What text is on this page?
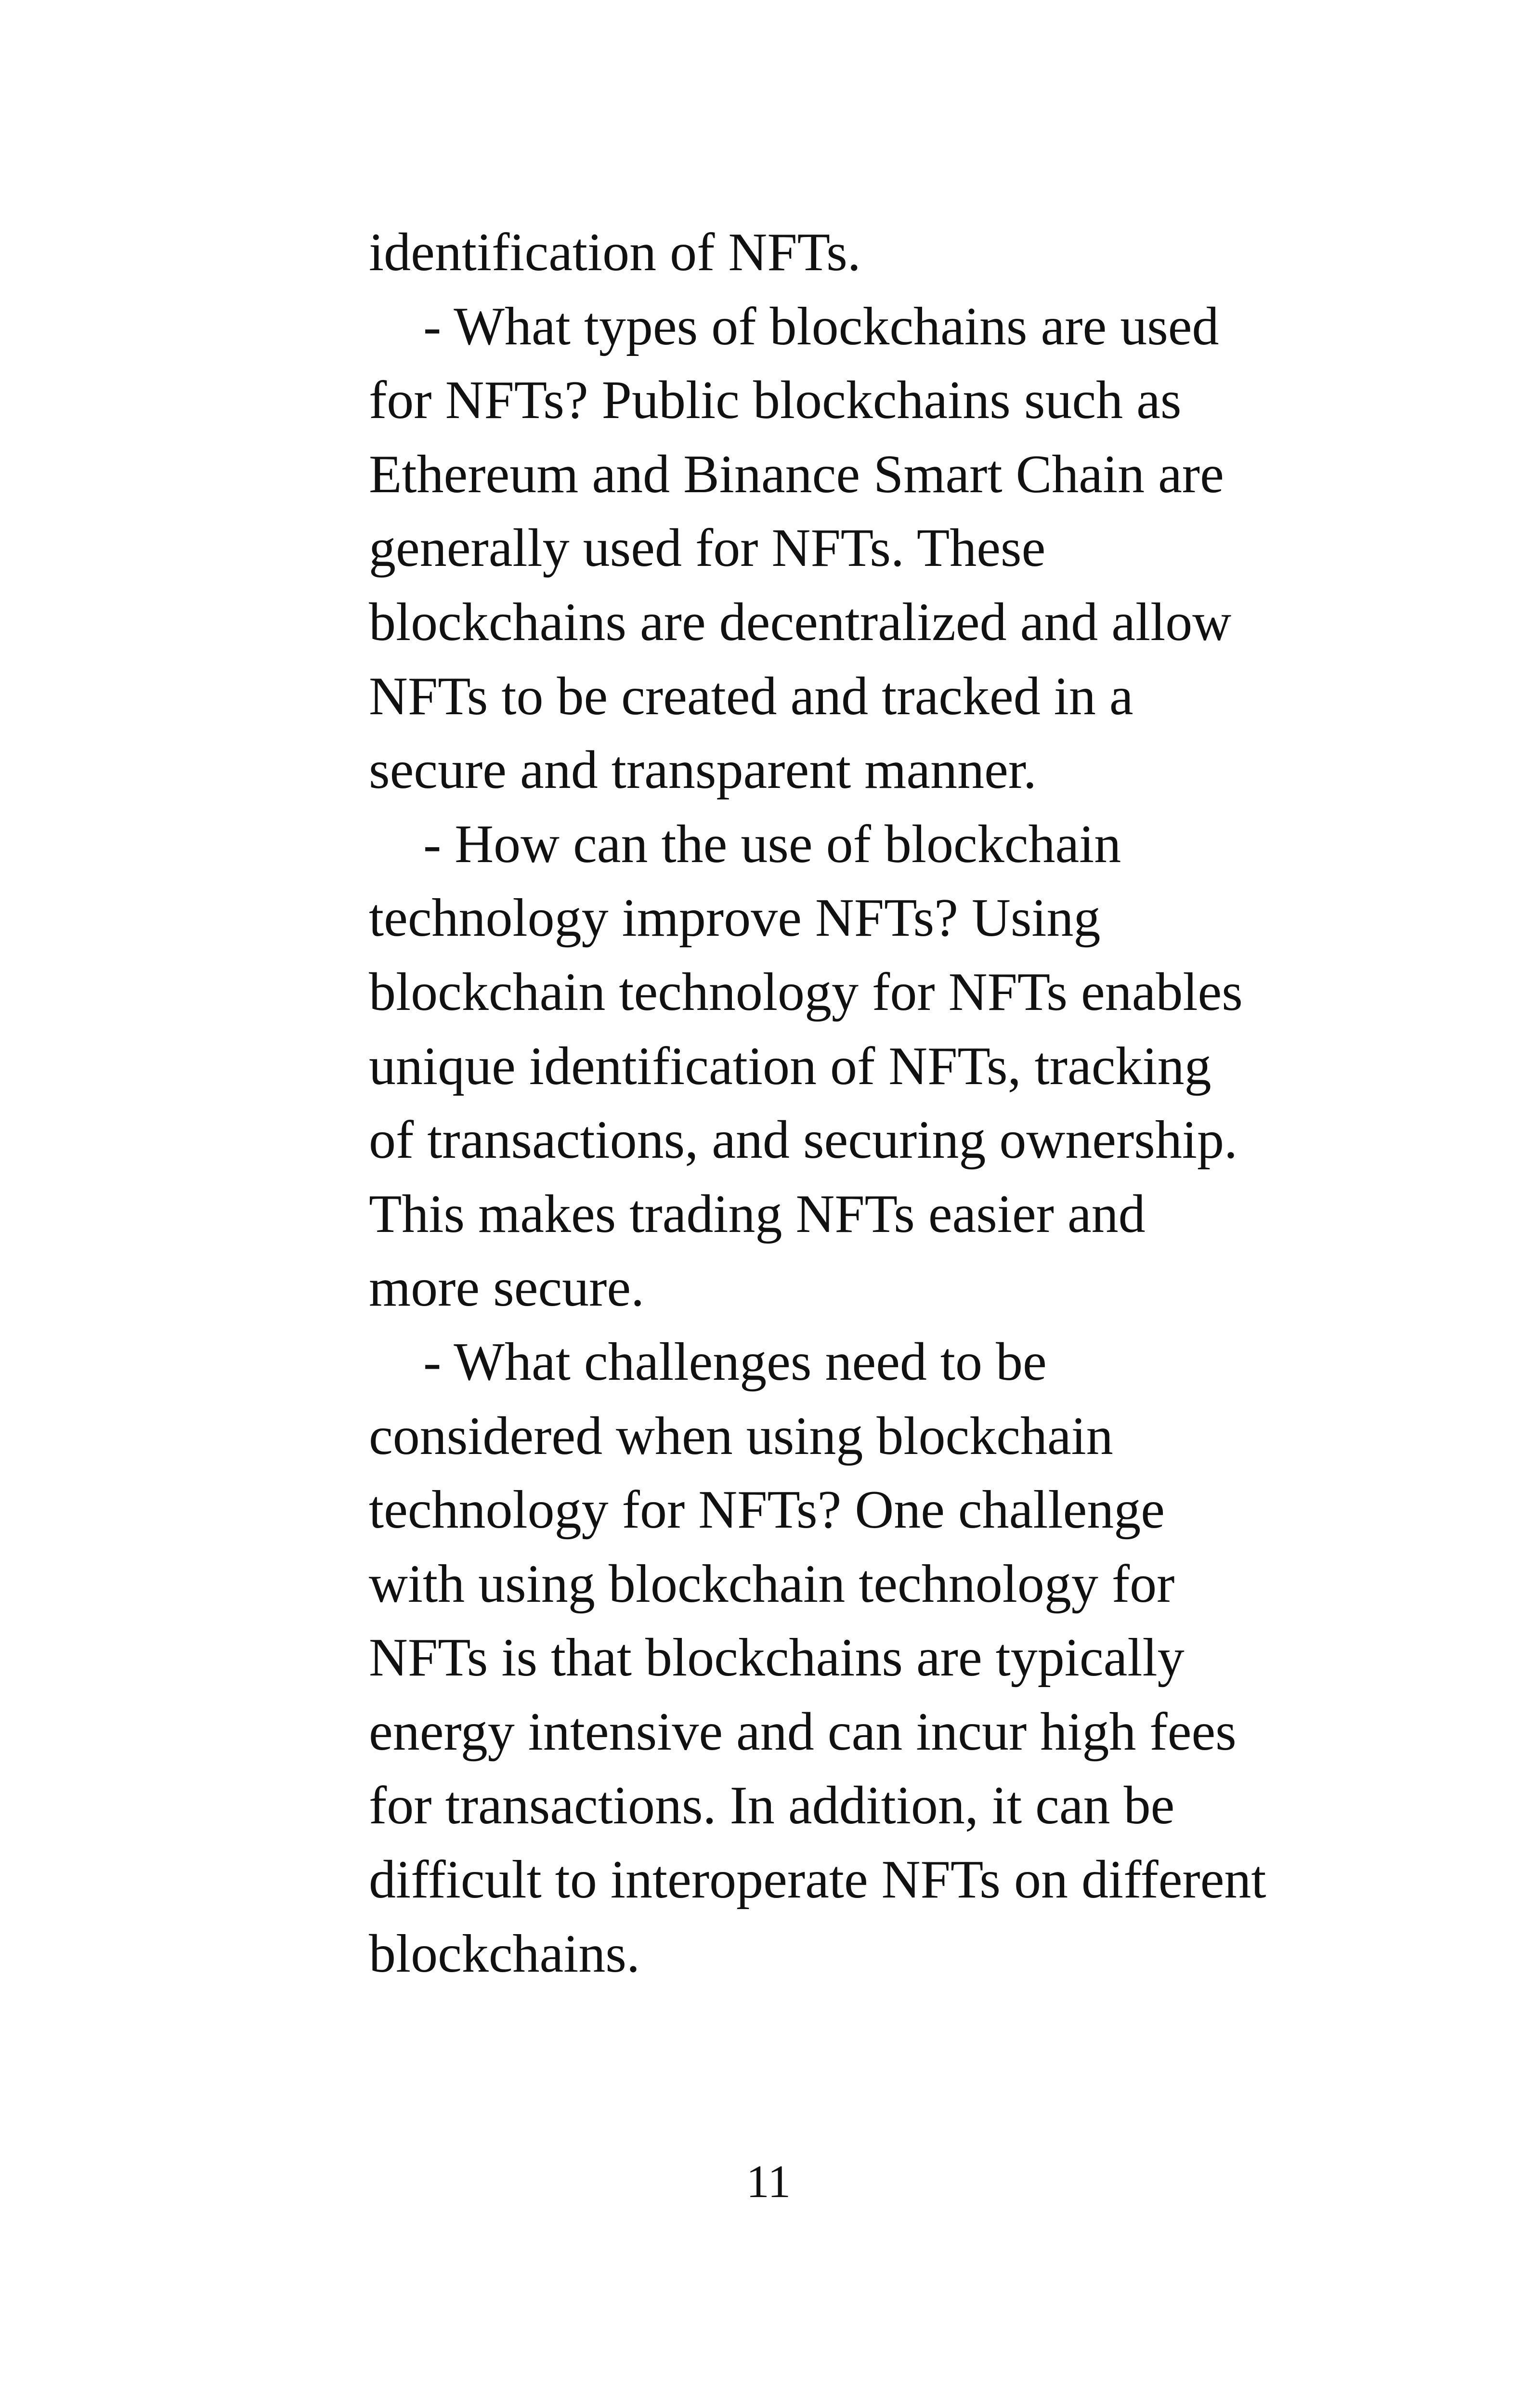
identification of NFTs.
- What types of blockchains are used
for NFTs? Public blockchains such as
Ethereum and Binance Smart Chain are
generally used for NFTs. These
blockchains are decentralized and allow
NFTs to be created and tracked in a
secure and transparent manner.
- How can the use of blockchain
technology improve NFTs? Using
blockchain technology for NFTs enables
unique identification of NFTs, tracking
of transactions, and securing ownership.
This makes trading NFTs easier and
more secure.
- What challenges need to be
considered when using blockchain
technology for NFTs? One challenge
with using blockchain technology for
NFTs is that blockchains are typically
energy intensive and can incur high fees
for transactions. In addition, it can be
difficult to interoperate NFTs on different
blockchains.
11
